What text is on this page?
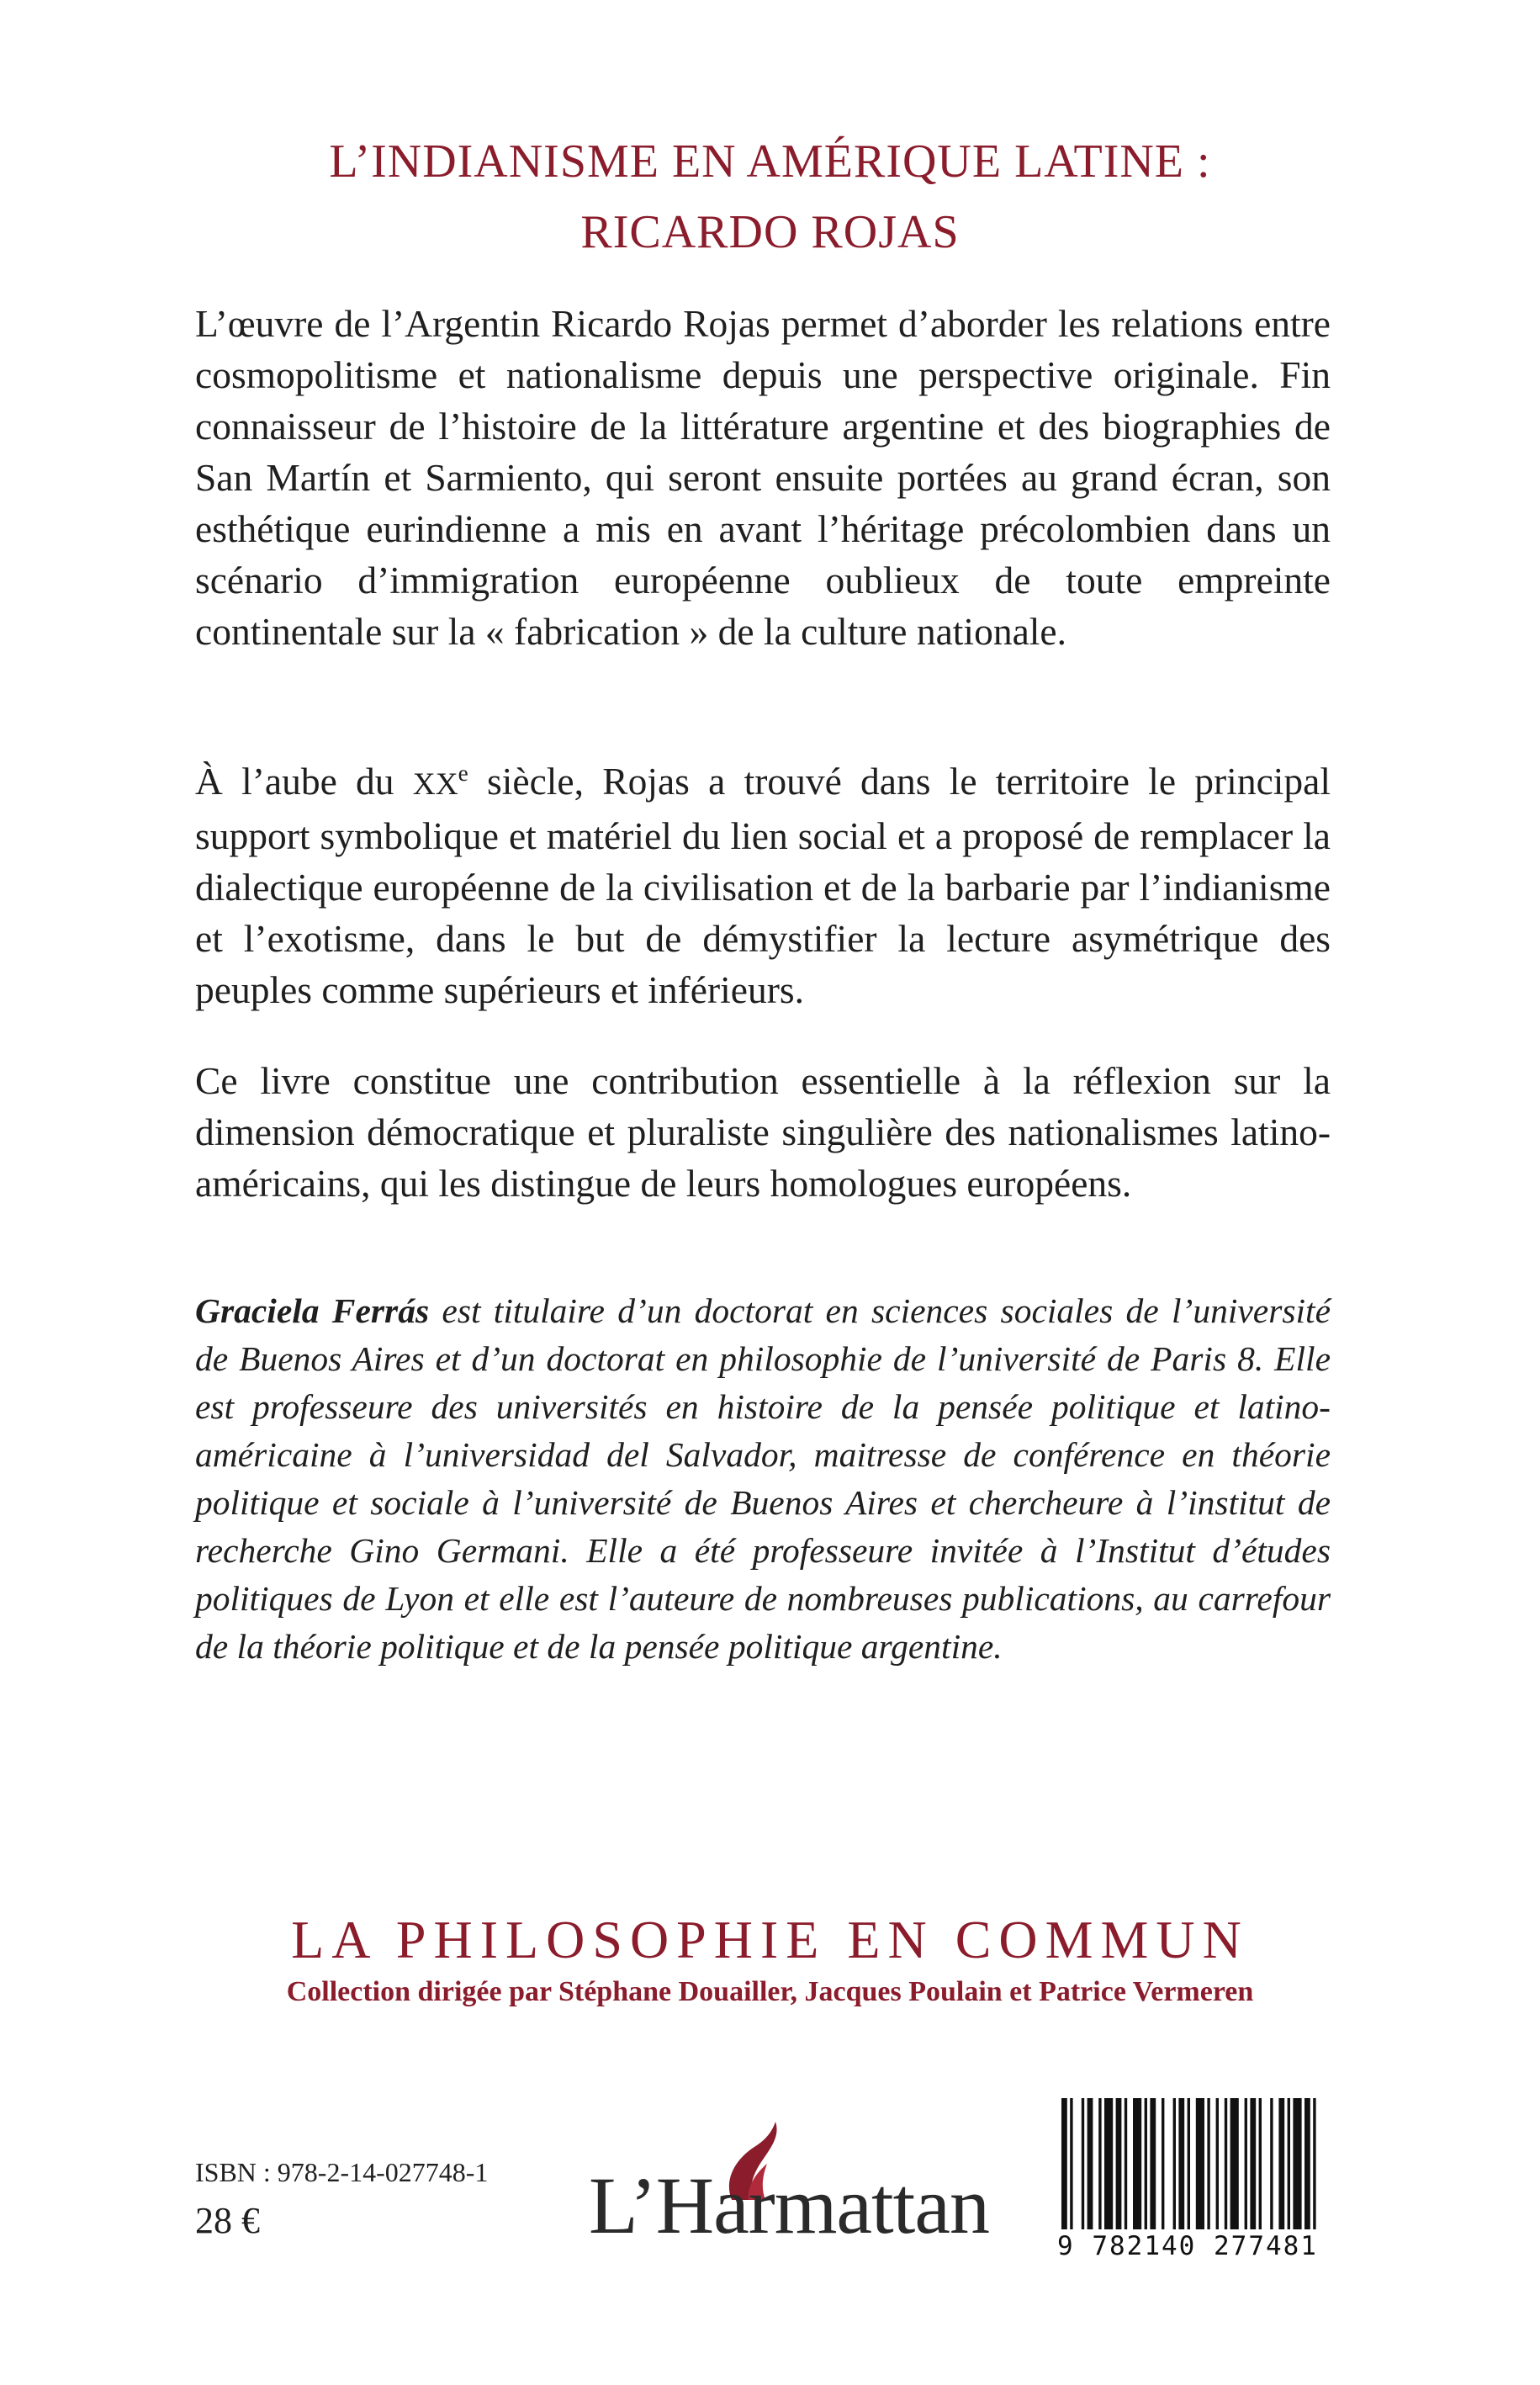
L’INDIANISME EN AMÉRIQUE LATINE :
RICARDO ROJAS

L’œuvre de l’Argentin Ricardo Rojas permet d’aborder les relations entre cosmopolitisme et nationalisme depuis une perspective originale. Fin connaisseur de l’histoire de la littérature argentine et des biographies de San Martín et Sarmiento, qui seront ensuite portées au grand écran, son esthétique eurindienne a mis en avant l’héritage précolombien dans un scénario d’immigration européenne oublieux de toute empreinte continentale sur la « fabrication » de la culture nationale.

À l’aube du XXe siècle, Rojas a trouvé dans le territoire le principal support symbolique et matériel du lien social et a proposé de remplacer la dialectique européenne de la civilisation et de la barbarie par l’indianisme et l’exotisme, dans le but de démystifier la lecture asymétrique des peuples comme supérieurs et inférieurs.

Ce livre constitue une contribution essentielle à la réflexion sur la dimension démocratique et pluraliste singulière des nationalismes latino-américains, qui les distingue de leurs homologues européens.

Graciela Ferrás est titulaire d’un doctorat en sciences sociales de l’université de Buenos Aires et d’un doctorat en philosophie de l’université de Paris 8. Elle est professeure des universités en histoire de la pensée politique et latino-américaine à l’universidad del Salvador, maitresse de conférence en théorie politique et sociale à l’université de Buenos Aires et chercheure à l’institut de recherche Gino Germani. Elle a été professeure invitée à l’Institut d’études politiques de Lyon et elle est l’auteure de nombreuses publications, au carrefour de la théorie politique et de la pensée politique argentine.

LA PHILOSOPHIE EN COMMUN
Collection dirigée par Stéphane Douailler, Jacques Poulain et Patrice Vermeren
ISBN : 978-2-14-027748-1
28 €	L’Harmattan	9 782140 277481
